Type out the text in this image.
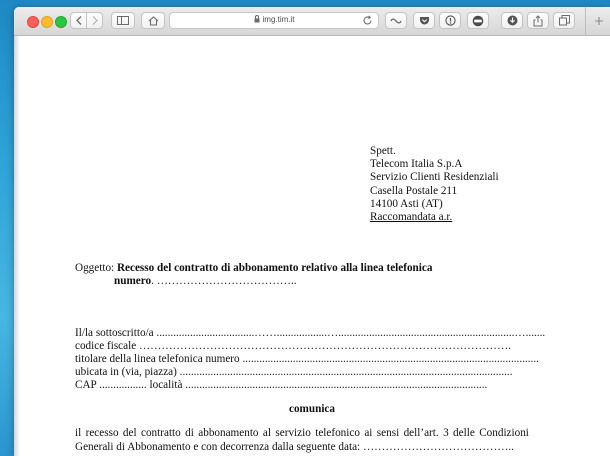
img.tim.it
Spett.
Telecom Italia S.p.A
Servizio Clienti Residenziali
Casella Postale 211
14100 Asti (AT)
Raccomandata a.r.
Oggetto: Recesso del contratto di abbonamento relativo alla linea telefonica
numero. ………………………………..
Il/la sottoscritto/a ...................................……..................…...............................................................….......
codice fiscale ……………………………………………………………………………………….
titolare della linea telefonica numero ..........................................................................................................
ubicata in (via, piazza) .......................................................................................................................
CAP ................. località ............................................................................................................
comunica
il recesso del contratto di abbonamento al servizio telefonico ai sensi dell’art. 3 delle Condizioni
Generali di Abbonamento e con decorrenza dalla seguente data: …………………………………..
